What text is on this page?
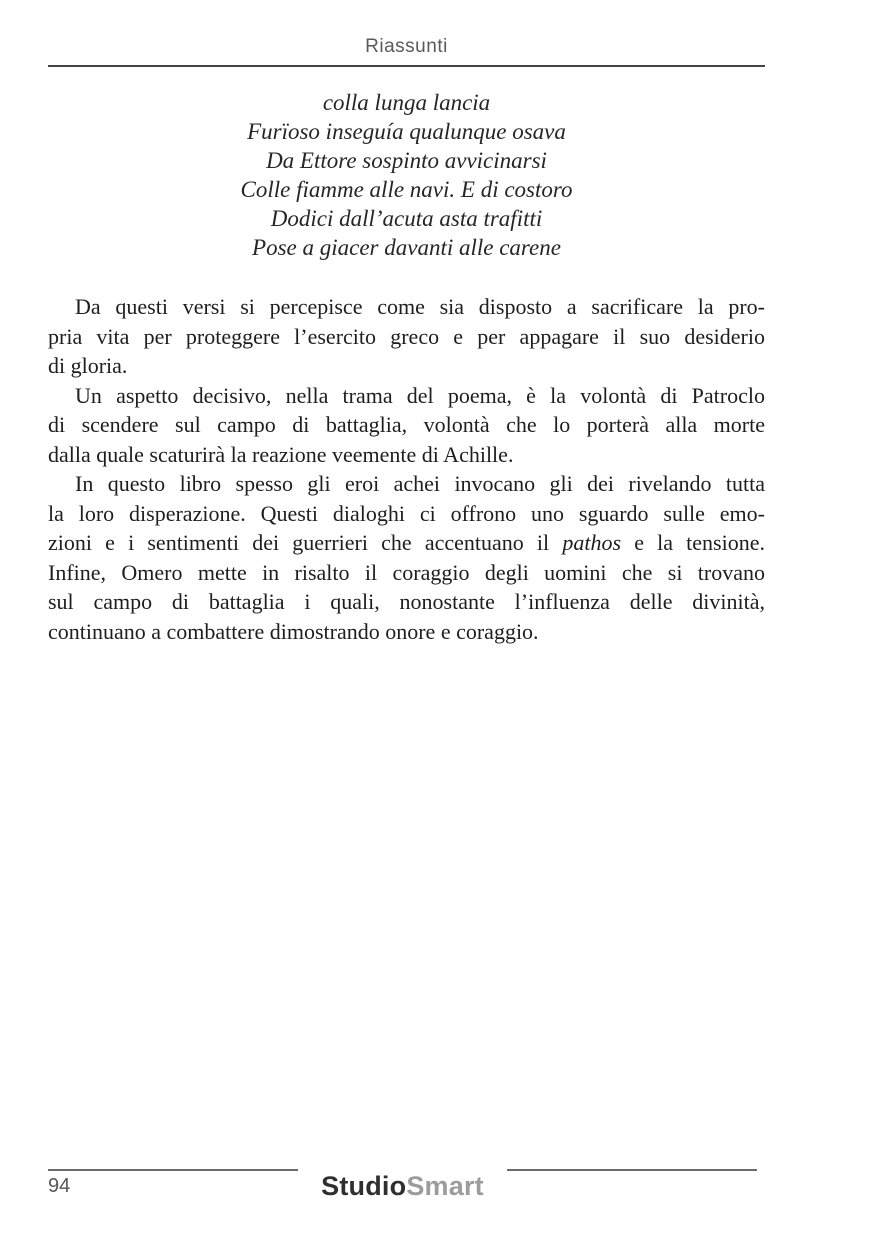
Riassunti
colla lunga lancia
Furïoso inseguía qualunque osava
Da Ettore sospinto avvicinarsi
Colle fiamme alle navi. E di costoro
Dodici dall’acuta asta trafitti
Pose a giacer davanti alle carene
Da questi versi si percepisce come sia disposto a sacrificare la pro-
pria vita per proteggere l’esercito greco e per appagare il suo desiderio
di gloria.
Un aspetto decisivo, nella trama del poema, è la volontà di Patroclo
di scendere sul campo di battaglia, volontà che lo porterà alla morte
dalla quale scaturirà la reazione veemente di Achille.
In questo libro spesso gli eroi achei invocano gli dei rivelando tutta
la loro disperazione. Questi dialoghi ci offrono uno sguardo sulle emo-
zioni e i sentimenti dei guerrieri che accentuano il pathos e la tensione.
Infine, Omero mette in risalto il coraggio degli uomini che si trovano
sul campo di battaglia i quali, nonostante l’influenza delle divinità,
continuano a combattere dimostrando onore e coraggio.
94	StudioSmart
